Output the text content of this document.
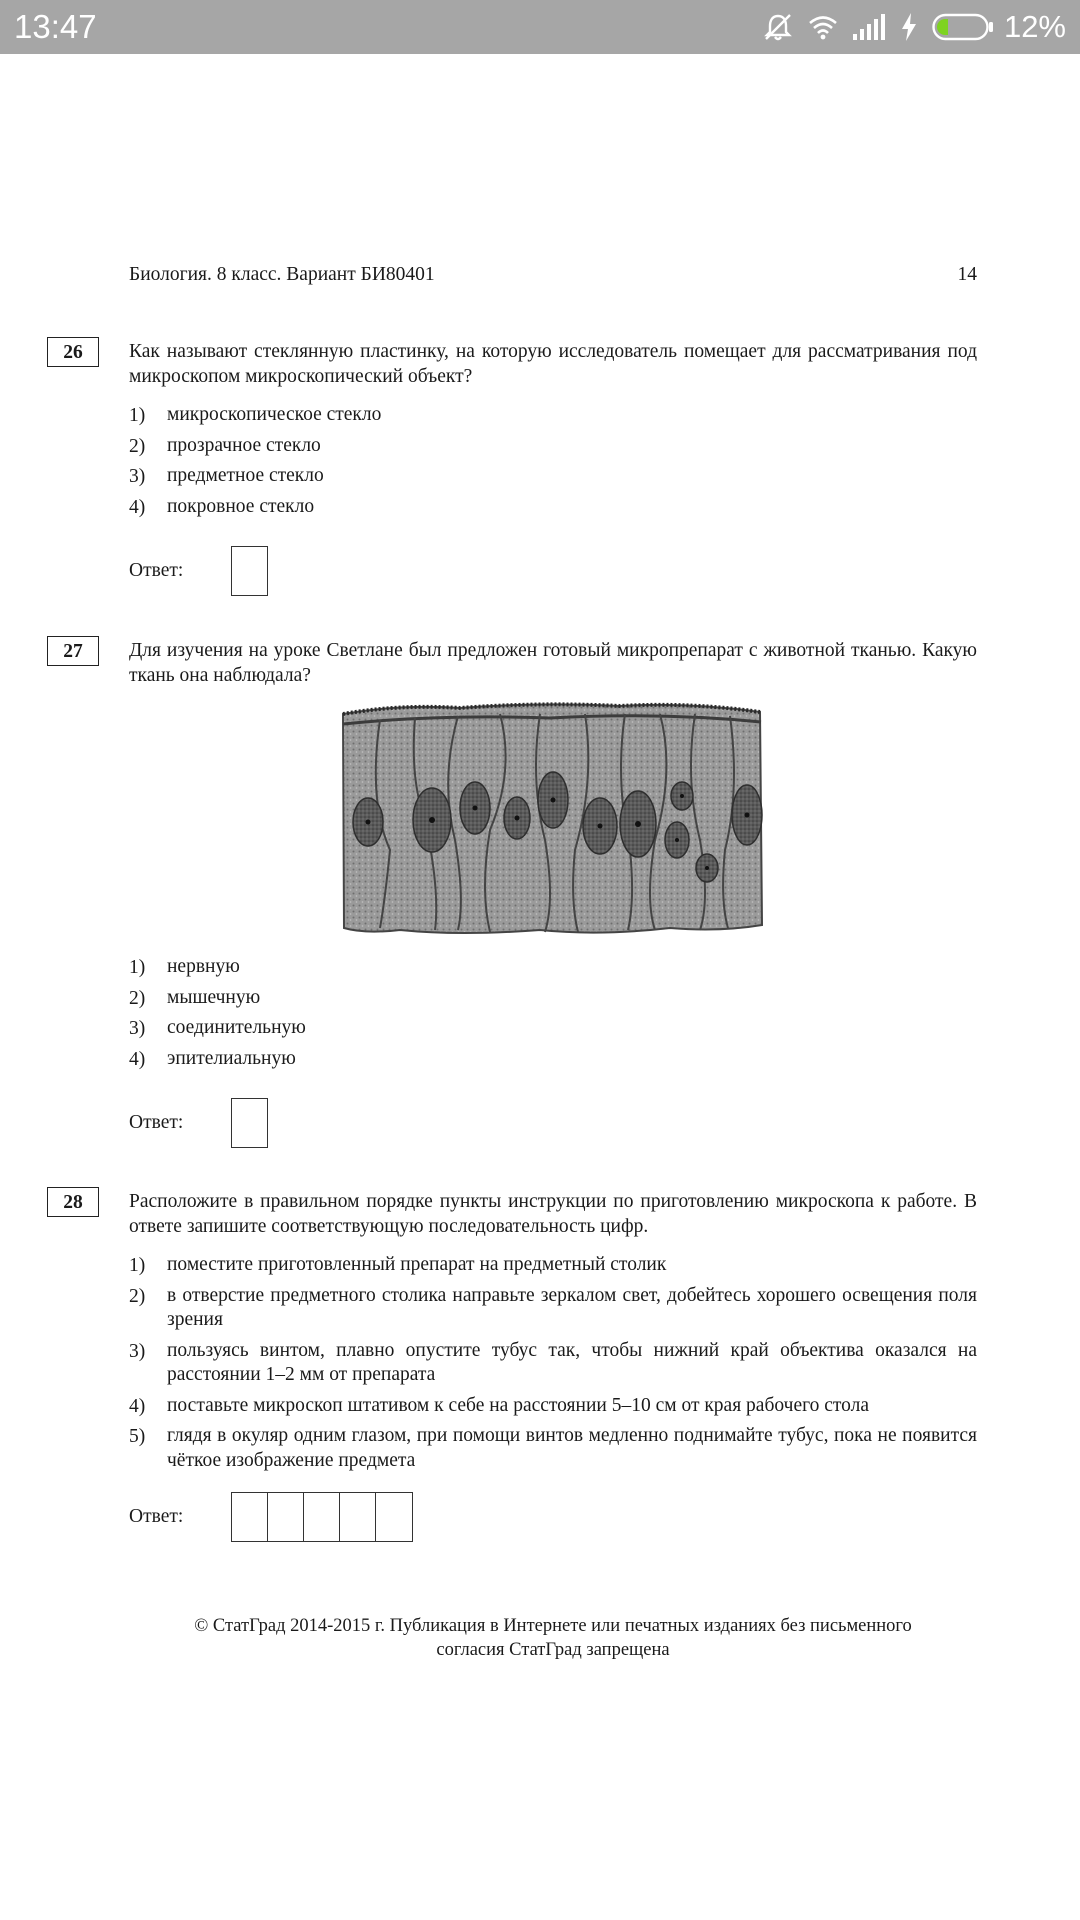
13:47	12%
Биология. 8 класс. Вариант БИ80401	14
26	Как называют стеклянную пластинку, на которую исследователь помещает для рассматривания под микроскопом микроскопический объект?
1) микроскопическое стекло
2) прозрачное стекло
3) предметное стекло
4) покровное стекло
Ответ:
27	Для изучения на уроке Светлане был предложен готовый микропрепарат с животной тканью. Какую ткань она наблюдала?
1) нервную
2) мышечную
3) соединительную
4) эпителиальную
Ответ:
28	Расположите в правильном порядке пункты инструкции по приготовлению микроскопа к работе. В ответе запишите соответствующую последовательность цифр.
1) поместите приготовленный препарат на предметный столик
2) в отверстие предметного столика направьте зеркалом свет, добейтесь хорошего освещения поля зрения
3) пользуясь винтом, плавно опустите тубус так, чтобы нижний край объектива оказался на расстоянии 1–2 мм от препарата
4) поставьте микроскоп штативом к себе на расстоянии 5–10 см от края рабочего стола
5) глядя в окуляр одним глазом, при помощи винтов медленно поднимайте тубус, пока не появится чёткое изображение предмета
Ответ:
© СтатГрад 2014-2015 г. Публикация в Интернете или печатных изданиях без письменного
согласия СтатГрад запрещена
